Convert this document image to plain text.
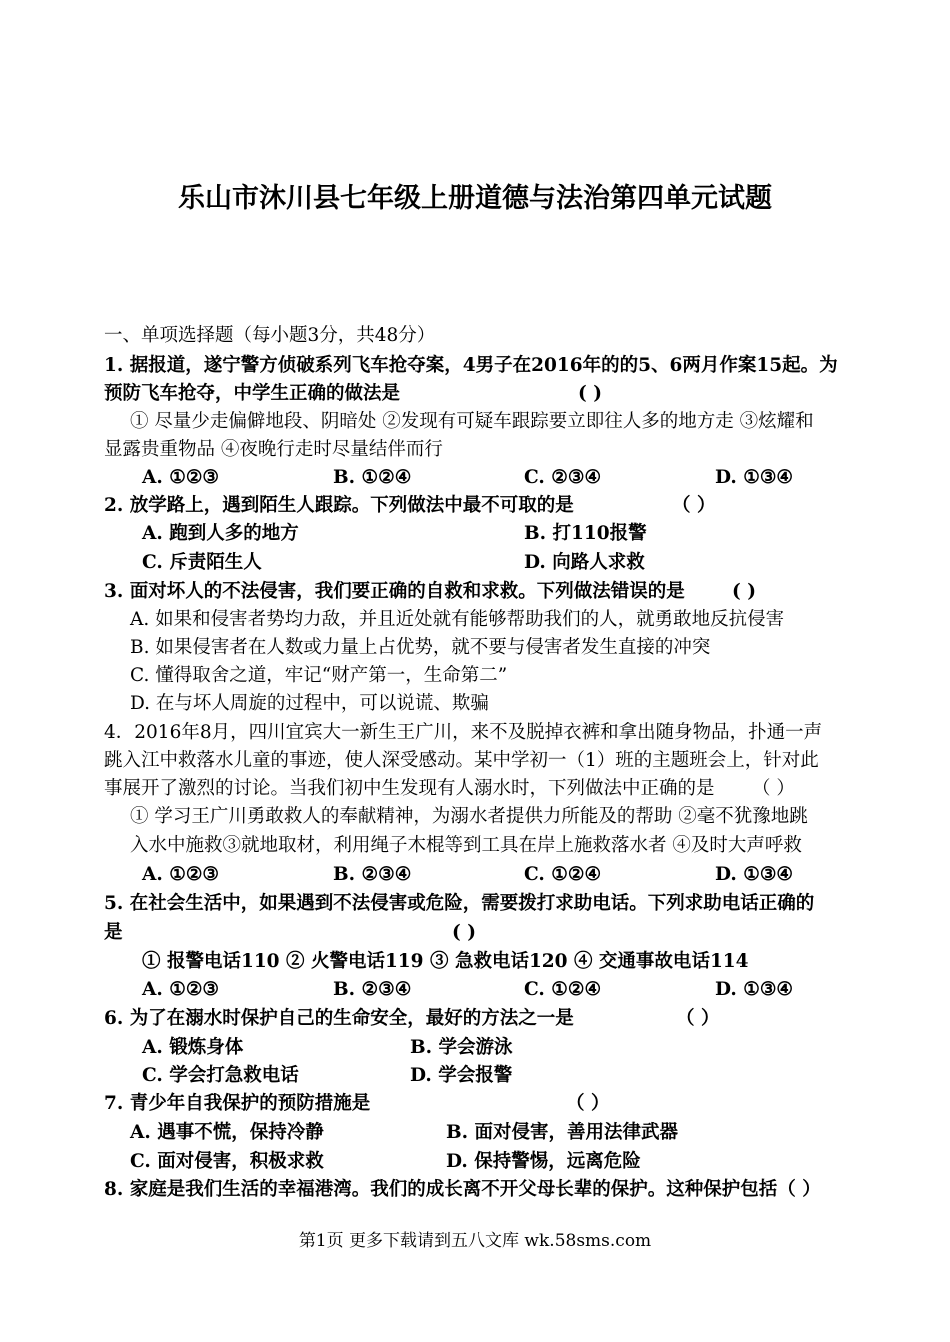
乐山市沐川县七年级上册道德与法治第四单元试题
一、单项选择题（每小题3分，共48分）
1. 据报道，遂宁警方侦破系列飞车抢夺案，4男子在2016年的的5、6两月作案15起。为
预防飞车抢夺，中学生正确的做法是	( )
① 尽量少走偏僻地段、阴暗处 ②发现有可疑车跟踪要立即往人多的地方走 ③炫耀和
显露贵重物品 ④夜晚行走时尽量结伴而行
A. ①②③	B. ①②④	C. ②③④	D. ①③④
2. 放学路上，遇到陌生人跟踪。下列做法中最不可取的是	（ ）
A. 跑到人多的地方	B. 打110报警
C. 斥责陌生人	D. 向路人求救
3. 面对坏人的不法侵害，我们要正确的自救和求救。下列做法错误的是	( )
A. 如果和侵害者势均力敌，并且近处就有能够帮助我们的人，就勇敢地反抗侵害
B. 如果侵害者在人数或力量上占优势，就不要与侵害者发生直接的冲突
C. 懂得取舍之道，牢记“财产第一，生命第二”
D. 在与坏人周旋的过程中，可以说谎、欺骗
4．2016年8月，四川宜宾大一新生王广川，来不及脱掉衣裤和拿出随身物品，扑通一声
跳入江中救落水儿童的事迹，使人深受感动。某中学初一（1）班的主题班会上，针对此
事展开了激烈的讨论。当我们初中生发现有人溺水时，下列做法中正确的是 （ ）
① 学习王广川勇敢救人的奉献精神，为溺水者提供力所能及的帮助 ②毫不犹豫地跳
入水中施救③就地取材，利用绳子木棍等到工具在岸上施救落水者 ④及时大声呼救
A. ①②③	B. ②③④	C. ①②④	D. ①③④
5. 在社会生活中，如果遇到不法侵害或危险，需要拨打求助电话。下列求助电话正确的
是	( )
① 报警电话110 ② 火警电话119 ③ 急救电话120 ④ 交通事故电话114
A. ①②③	B. ②③④	C. ①②④	D. ①③④
6. 为了在溺水时保护自己的生命安全，最好的方法之一是	（ ）
A. 锻炼身体	B. 学会游泳
C. 学会打急救电话	D. 学会报警
7. 青少年自我保护的预防措施是	（ ）
A. 遇事不慌，保持冷静	B. 面对侵害，善用法律武器
C. 面对侵害，积极求救	D. 保持警惕，远离危险
8. 家庭是我们生活的幸福港湾。我们的成长离不开父母长辈的保护。这种保护包括（ ）
第1页 更多下载请到五八文库 wk.58sms.com
